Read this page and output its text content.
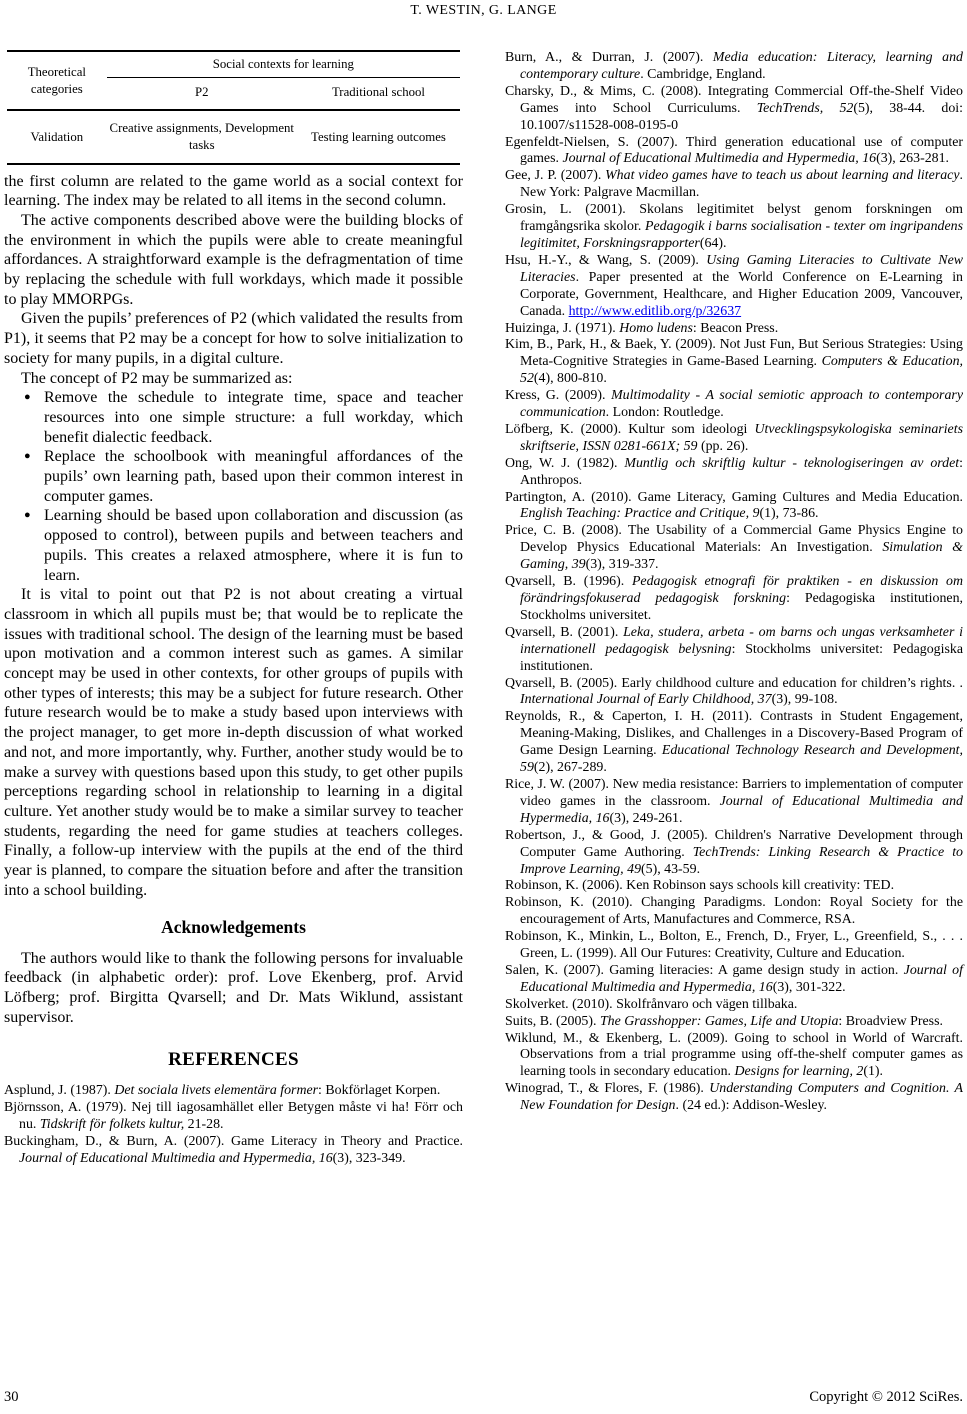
T. WESTIN, G. LANGE
Theoretical categories	Social contexts for learning	
	P2	Traditional school
Validation	Creative assignments, Development tasks	Testing learning outcomes

the first column are related to the game world as a social context for learning. The index may be related to all items in the second column.

The active components described above were the building blocks of the environment in which the pupils were able to create meaningful affordances. A straightforward example is the defragmentation of time by replacing the schedule with full workdays, which made it possible to play MMORPGs.

Given the pupils’ preferences of P2 (which validated the results from P1), it seems that P2 may be a concept for how to solve initialization to society for many pupils, in a digital culture.

The concept of P2 may be summarized as:

● Remove the schedule to integrate time, space and teacher resources into one simple structure: a full workday, which benefit dialectic feedback.
● Replace the schoolbook with meaningful affordances of the pupils’ own learning path, based upon their common interest in computer games.
● Learning should be based upon collaboration and discussion (as opposed to control), between pupils and between teachers and pupils. This creates a relaxed atmosphere, where it is fun to learn.

It is vital to point out that P2 is not about creating a virtual classroom in which all pupils must be; that would be to replicate the issues with traditional school. The design of the learning must be based upon motivation and a common interest such as games. A similar concept may be used in other contexts, for other groups of pupils with other types of interests; this may be a subject for future research. Other future research would be to make a study based upon interviews with the project manager, to get more in-depth discussion of what worked and not, and more importantly, why. Further, another study would be to make a survey with questions based upon this study, to get other pupils perceptions regarding school in relationship to learning in a digital culture. Yet another study would be to make a similar survey to teacher students, regarding the need for game studies at teachers colleges. Finally, a follow-up interview with the pupils at the end of the third year is planned, to compare the situation before and after the transition into a school building.

Acknowledgements

The authors would like to thank the following persons for invaluable feedback (in alphabetic order): prof. Love Ekenberg, prof. Arvid Löfberg; prof. Birgitta Qvarsell; and Dr. Mats Wiklund, assistant supervisor.

REFERENCES

Asplund, J. (1987). Det sociala livets elementära former: Bokförlaget Korpen.

Björnsson, A. (1979). Nej till iagosamhället eller Betygen måste vi ha! Förr och nu. Tidskrift för folkets kultur, 21-28.

Buckingham, D., & Burn, A. (2007). Game Literacy in Theory and Practice. Journal of Educational Multimedia and Hypermedia, 16(3), 323-349.

Burn, A., & Durran, J. (2007). Media education: Literacy, learning and contemporary culture. Cambridge, England.

Charsky, D., & Mims, C. (2008). Integrating Commercial Off-the-Shelf Video Games into School Curriculums. TechTrends, 52(5), 38-44. doi: 10.1007/s11528-008-0195-0

Egenfeldt-Nielsen, S. (2007). Third generation educational use of computer games. Journal of Educational Multimedia and Hypermedia, 16(3), 263-281.

Gee, J. P. (2007). What video games have to teach us about learning and literacy. New York: Palgrave Macmillan.

Grosin, L. (2001). Skolans legitimitet belyst genom forskningen om framgångsrika skolor. Pedagogik i barns socialisation - texter om ingripandens legitimitet, Forskningsrapporter(64).

Hsu, H.-Y., & Wang, S. (2009). Using Gaming Literacies to Cultivate New Literacies. Paper presented at the World Conference on E-Learning in Corporate, Government, Healthcare, and Higher Education 2009, Vancouver, Canada. http://www.editlib.org/p/32637

Huizinga, J. (1971). Homo ludens: Beacon Press.

Kim, B., Park, H., & Baek, Y. (2009). Not Just Fun, But Serious Strategies: Using Meta-Cognitive Strategies in Game-Based Learning. Computers & Education, 52(4), 800-810.

Kress, G. (2009). Multimodality - A social semiotic approach to contemporary communication. London: Routledge.

Löfberg, K. (2000). Kultur som ideologi Utvecklingspsykologiska seminariets skriftserie, ISSN 0281-661X; 59 (pp. 26).

Ong, W. J. (1982). Muntlig och skriftlig kultur - teknologiseringen av ordet: Anthropos.

Partington, A. (2010). Game Literacy, Gaming Cultures and Media Education. English Teaching: Practice and Critique, 9(1), 73-86.

Price, C. B. (2008). The Usability of a Commercial Game Physics Engine to Develop Physics Educational Materials: An Investigation. Simulation & Gaming, 39(3), 319-337.

Qvarsell, B. (1996). Pedagogisk etnografi för praktiken - en diskussion om förändringsfokuserad pedagogisk forskning: Pedagogiska institutionen, Stockholms universitet.

Qvarsell, B. (2001). Leka, studera, arbeta - om barns och ungas verksamheter i internationell pedagogisk belysning: Stockholms universitet: Pedagogiska institutionen.

Qvarsell, B. (2005). Early childhood culture and education for children’s rights. . International Journal of Early Childhood, 37(3), 99-108.

Reynolds, R., & Caperton, I. H. (2011). Contrasts in Student Engagement, Meaning-Making, Dislikes, and Challenges in a Discovery-Based Program of Game Design Learning. Educational Technology Research and Development, 59(2), 267-289.

Rice, J. W. (2007). New media resistance: Barriers to implementation of computer video games in the classroom. Journal of Educational Multimedia and Hypermedia, 16(3), 249-261.

Robertson, J., & Good, J. (2005). Children's Narrative Development through Computer Game Authoring. TechTrends: Linking Research & Practice to Improve Learning, 49(5), 43-59.

Robinson, K. (2006). Ken Robinson says schools kill creativity: TED.

Robinson, K. (2010). Changing Paradigms. London: Royal Society for the encouragement of Arts, Manufactures and Commerce, RSA.

Robinson, K., Minkin, L., Bolton, E., French, D., Fryer, L., Greenfield, S., . . . Green, L. (1999). All Our Futures: Creativity, Culture and Education.

Salen, K. (2007). Gaming literacies: A game design study in action. Journal of Educational Multimedia and Hypermedia, 16(3), 301-322.

Skolverket. (2010). Skolfrånvaro och vägen tillbaka.

Suits, B. (2005). The Grasshopper: Games, Life and Utopia: Broadview Press.

Wiklund, M., & Ekenberg, L. (2009). Going to school in World of Warcraft. Observations from a trial programme using off-the-shelf computer games as learning tools in secondary education. Designs for learning, 2(1).

Winograd, T., & Flores, F. (1986). Understanding Computers and Cognition. A New Foundation for Design. (24 ed.): Addison-Wesley.

30	Copyright © 2012 SciRes.
